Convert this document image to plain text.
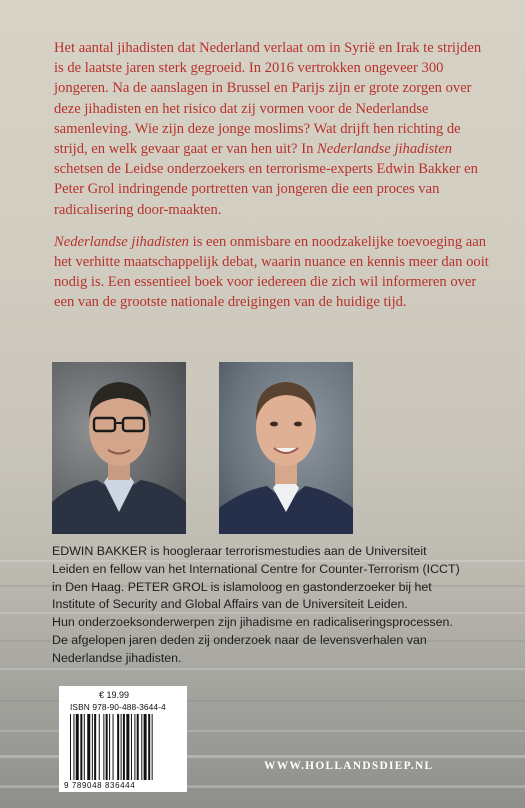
Het aantal jihadisten dat Nederland verlaat om in Syrië en Irak te strijden is de laatste jaren sterk gegroeid. In 2016 vertrokken ongeveer 300 jongeren. Na de aanslagen in Brussel en Parijs zijn er grote zorgen over deze jihadisten en het risico dat zij vormen voor de Nederlandse samenleving. Wie zijn deze jonge moslims? Wat drijft hen richting de strijd, en welk gevaar gaat er van hen uit? In Nederlandse jihadisten schetsen de Leidse onderzoekers en terrorisme-experts Edwin Bakker en Peter Grol indringende portretten van jongeren die een proces van radicalisering door-maakten.

Nederlandse jihadisten is een onmisbare en noodzakelijke toevoeging aan het verhitte maatschappelijk debat, waarin nuance en kennis meer dan ooit nodig is. Een essentieel boek voor iedereen die zich wil informeren over een van de grootste nationale dreigingen van de huidige tijd.

EDWIN BAKKER is hoogleraar terrorismestudies aan de Universiteit
Leiden en fellow van het International Centre for Counter-Terrorism (ICCT)
in Den Haag. PETER GROL is islamoloog en gastonderzoeker bij het
Institute of Security and Global Affairs van de Universiteit Leiden.
Hun onderzoeksonderwerpen zijn jihadisme en radicaliseringsprocessen.
De afgelopen jaren deden zij onderzoek naar de levensverhalen van
Nederlandse jihadisten.
€ 19.99
ISBN 978-90-488-3644-4
9 789048 836444
WWW.HOLLANDSDIEP.NL
